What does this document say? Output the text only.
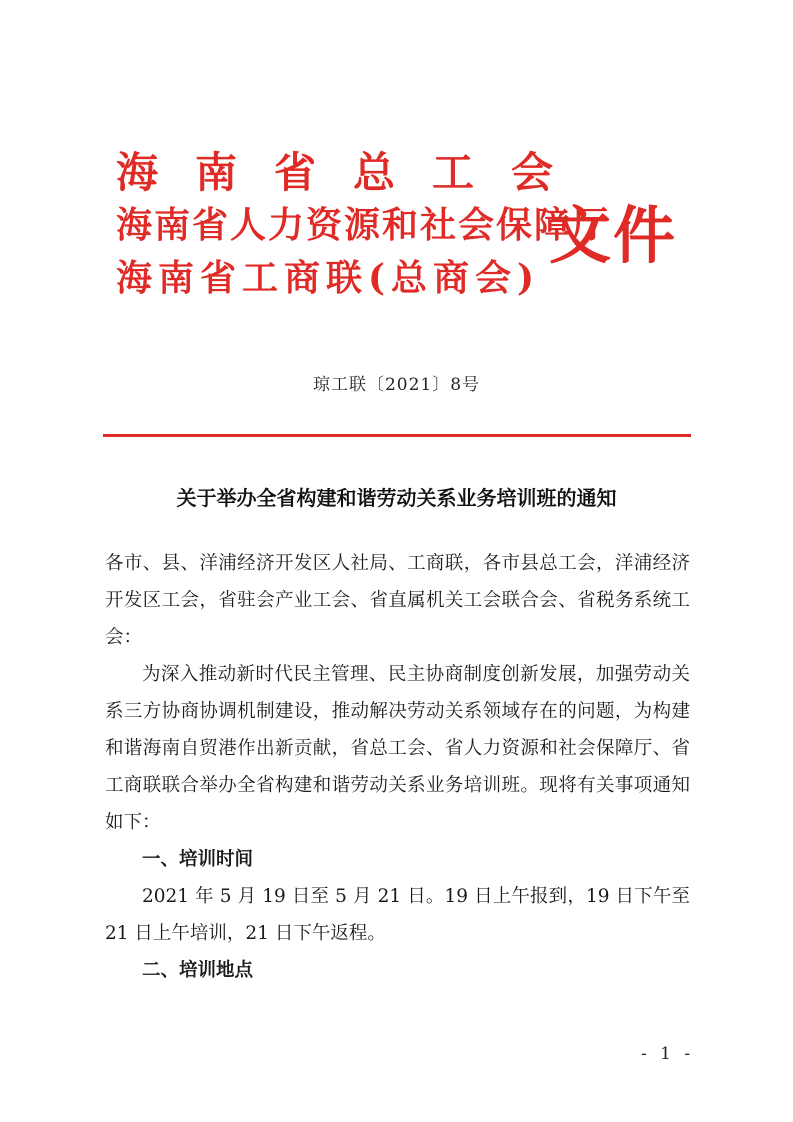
海南省总工会
海南省人力资源和社会保障厅
海南省工商联(总商会)
文件
琼工联〔2021〕8号
关于举办全省构建和谐劳动关系业务培训班的通知

各市、县、洋浦经济开发区人社局、工商联，各市县总工会，洋浦经济开发区工会，省驻会产业工会、省直属机关工会联合会、省税务系统工会：

为深入推动新时代民主管理、民主协商制度创新发展，加强劳动关系三方协商协调机制建设，推动解决劳动关系领域存在的问题，为构建和谐海南自贸港作出新贡献，省总工会、省人力资源和社会保障厅、省工商联联合举办全省构建和谐劳动关系业务培训班。现将有关事项通知如下：

一、培训时间

2021 年 5 月 19 日至 5 月 21 日。19 日上午报到，19 日下午至 21 日上午培训，21 日下午返程。

二、培训地点

- 1 -
